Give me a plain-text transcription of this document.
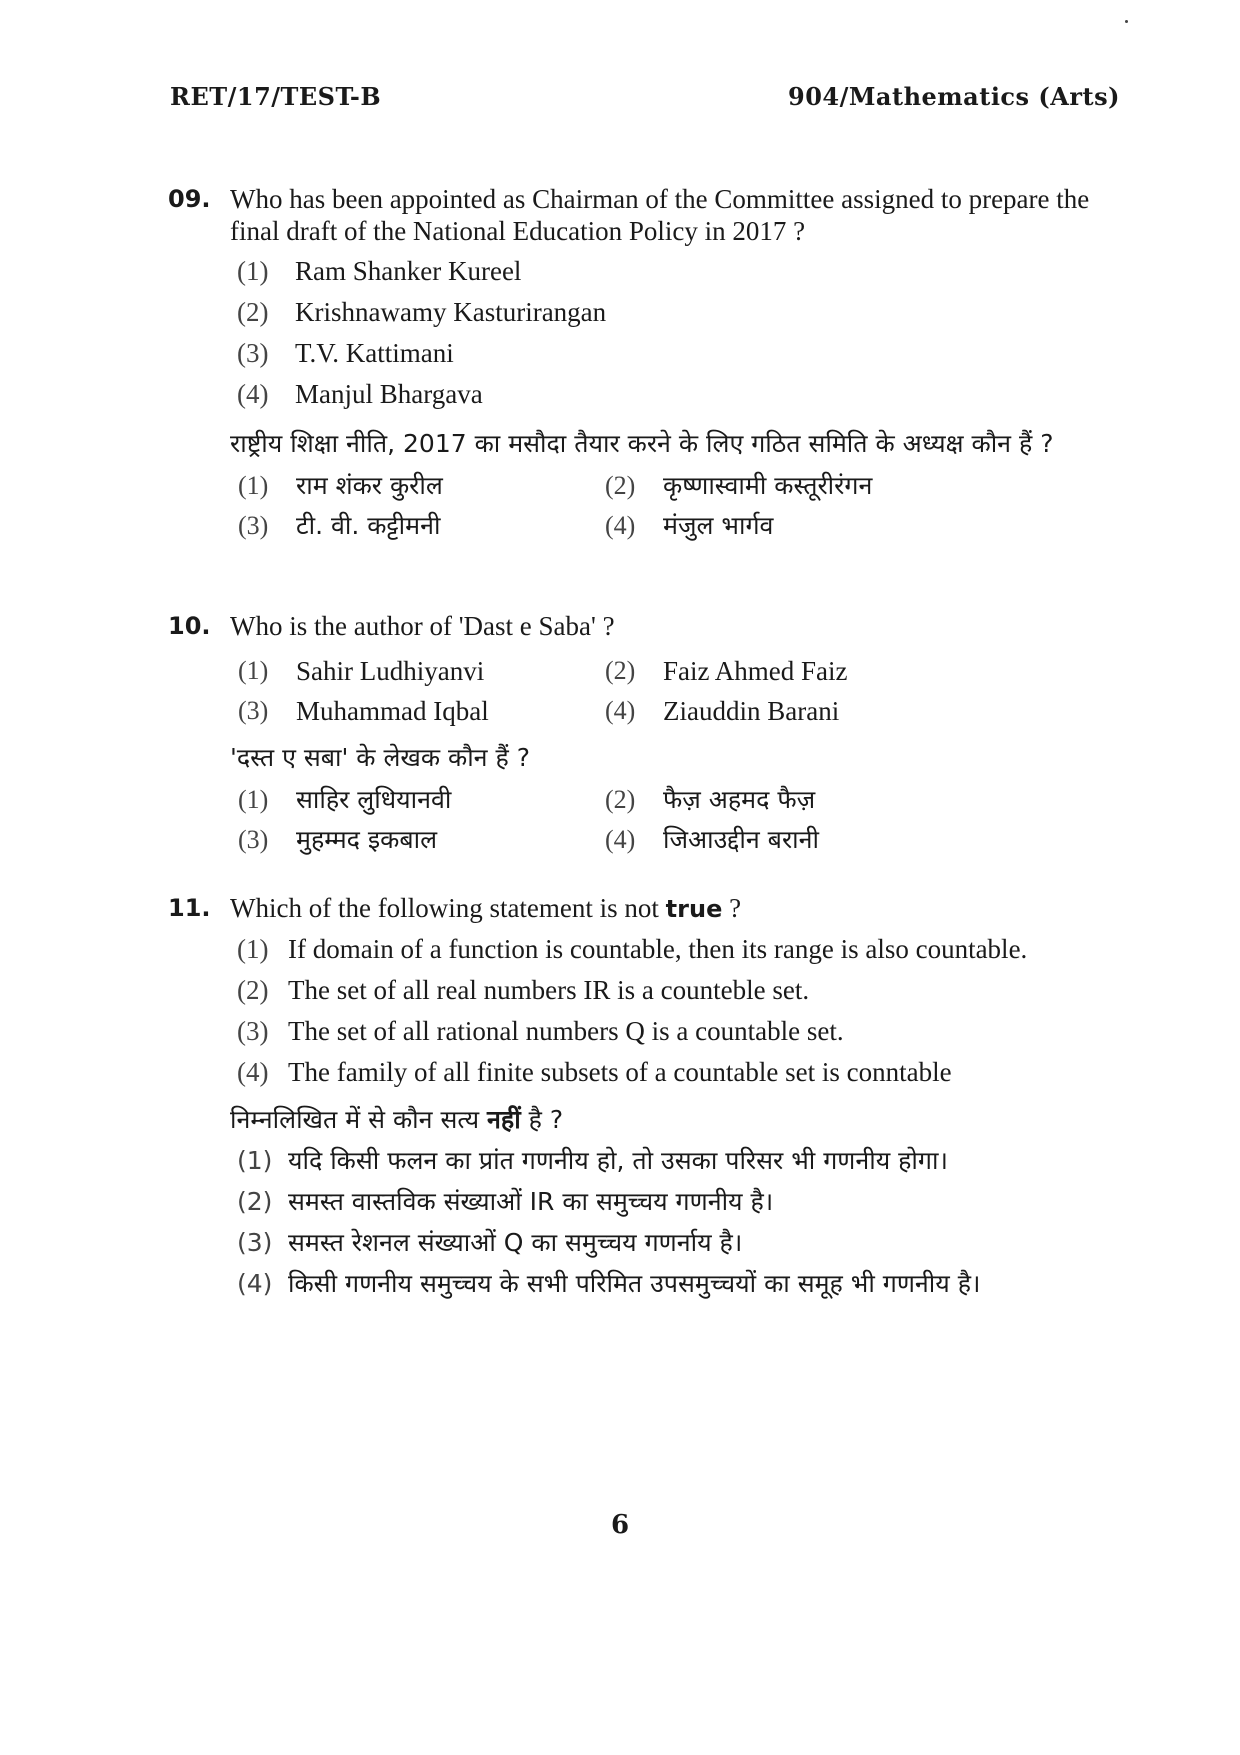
RET/17/TEST-B	904/Mathematics (Arts)
09. Who has been appointed as Chairman of the Committee assigned to prepare the final draft of the National Education Policy in 2017 ?
(1) Ram Shanker Kureel
(2) Krishnawamy Kasturirangan
(3) T.V. Kattimani
(4) Manjul Bhargava
राष्ट्रीय शिक्षा नीति, 2017 का मसौदा तैयार करने के लिए गठित समिति के अध्यक्ष कौन हैं ?
(1) राम शंकर कुरील	(2) कृष्णास्वामी कस्तूरीरंगन
(3) टी. वी. कट्टीमनी	(4) मंजुल भार्गव
10. Who is the author of 'Dast e Saba' ?
(1) Sahir Ludhiyanvi	(2) Faiz Ahmed Faiz
(3) Muhammad Iqbal	(4) Ziauddin Barani
'दस्त ए सबा' के लेखक कौन हैं ?
(1) साहिर लुधियानवी	(2) फैज़ अहमद फैज़
(3) मुहम्मद इकबाल	(4) जिआउद्दीन बरानी
11. Which of the following statement is not true ?
(1) If domain of a function is countable, then its range is also countable.
(2) The set of all real numbers IR is a counteble set.
(3) The set of all rational numbers Q is a countable set.
(4) The family of all finite subsets of a countable set is conntable
निम्नलिखित में से कौन सत्य नहीं है ?
(1) यदि किसी फलन का प्रांत गणनीय हो, तो उसका परिसर भी गणनीय होगा।
(2) समस्त वास्तविक संख्याओं IR का समुच्चय गणनीय है।
(3) समस्त रेशनल संख्याओं Q का समुच्चय गणर्नाय है।
(4) किसी गणनीय समुच्चय के सभी परिमित उपसमुच्चयों का समूह भी गणनीय है।
6
